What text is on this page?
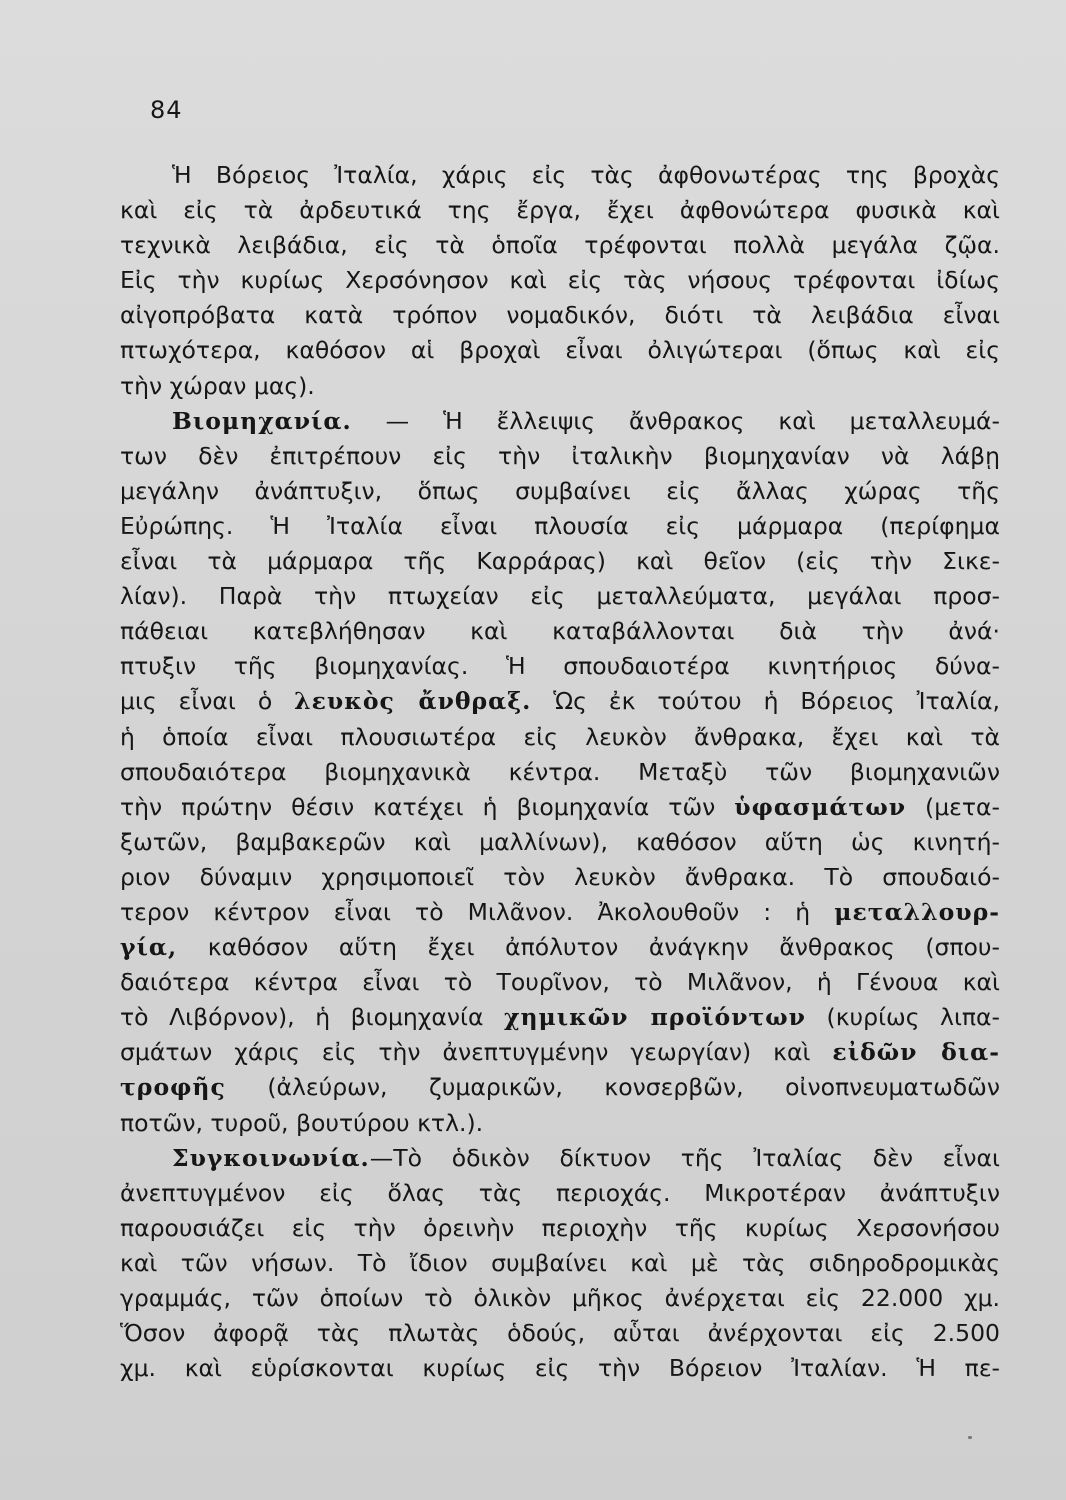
84
Ἡ Βόρειος Ἰταλία, χάρις εἰς τὰς ἀφθονωτέρας της βροχὰς
καὶ εἰς τὰ ἀρδευτικά της ἔργα, ἔχει ἀφθονώτερα φυσικὰ καὶ
τεχνικὰ λειβάδια, εἰς τὰ ὁποῖα τρέφονται πολλὰ μεγάλα ζῷα.
Εἰς τὴν κυρίως Χερσόνησον καὶ εἰς τὰς νήσους τρέφονται ἰδίως
αἰγοπρόβατα κατὰ τρόπον νομαδικόν, διότι τὰ λειβάδια εἶναι
πτωχότερα, καθόσον αἱ βροχαὶ εἶναι ὀλιγώτεραι (ὅπως καὶ εἰς
τὴν χώραν μας).
Βιομηχανία. — Ἡ ἔλλειψις ἄνθρακος καὶ μεταλλευμά-
των δὲν ἐπιτρέπουν εἰς τὴν ἰταλικὴν βιομηχανίαν νὰ λάβῃ
μεγάλην ἀνάπτυξιν, ὅπως συμβαίνει εἰς ἄλλας χώρας τῆς
Εὐρώπης. Ἡ Ἰταλία εἶναι πλουσία εἰς μάρμαρα (περίφημα
εἶναι τὰ μάρμαρα τῆς Καρράρας) καὶ θεῖον (εἰς τὴν Σικε-
λίαν). Παρὰ τὴν πτωχείαν εἰς μεταλλεύματα, μεγάλαι προσ-
πάθειαι κατεβλήθησαν καὶ καταβάλλονται διὰ τὴν ἀνά·
πτυξιν τῆς βιομηχανίας. Ἡ σπουδαιοτέρα κινητήριος δύνα-
μις εἶναι ὁ λευκὸς ἄνθραξ. Ὡς ἐκ τούτου ἡ Βόρειος Ἰταλία,
ἡ ὁποία εἶναι πλουσιωτέρα εἰς λευκὸν ἄνθρακα, ἔχει καὶ τὰ
σπουδαιότερα βιομηχανικὰ κέντρα. Μεταξὺ τῶν βιομηχανιῶν
τὴν πρώτην θέσιν κατέχει ἡ βιομηχανία τῶν ὑφασμάτων (μετα-
ξωτῶν, βαμβακερῶν καὶ μαλλίνων), καθόσον αὕτη ὡς κινητή-
ριον δύναμιν χρησιμοποιεῖ τὸν λευκὸν ἄνθρακα. Τὸ σπουδαιό-
τερον κέντρον εἶναι τὸ Μιλᾶνον. Ἀκολουθοῦν : ἡ μεταλλουρ-
γία, καθόσον αὕτη ἔχει ἀπόλυτον ἀνάγκην ἄνθρακος (σπου-
δαιότερα κέντρα εἶναι τὸ Τουρῖνον, τὸ Μιλᾶνον, ἡ Γένουα καὶ
τὸ Λιβόρνον), ἡ βιομηχανία χημικῶν προϊόντων (κυρίως λιπα-
σμάτων χάρις εἰς τὴν ἀνεπτυγμένην γεωργίαν) καὶ εἰδῶν δια-
τροφῆς (ἀλεύρων, ζυμαρικῶν, κονσερβῶν, οἰνοπνευματωδῶν
ποτῶν, τυροῦ, βουτύρου κτλ.).
Συγκοινωνία.—Τὸ ὁδικὸν δίκτυον τῆς Ἰταλίας δὲν εἶναι
ἀνεπτυγμένον εἰς ὅλας τὰς περιοχάς. Μικροτέραν ἀνάπτυξιν
παρουσιάζει εἰς τὴν ὀρεινὴν περιοχὴν τῆς κυρίως Χερσονήσου
καὶ τῶν νήσων. Τὸ ἴδιον συμβαίνει καὶ μὲ τὰς σιδηροδρομικὰς
γραμμάς, τῶν ὁποίων τὸ ὁλικὸν μῆκος ἀνέρχεται εἰς 22.000 χμ.
Ὅσον ἀφορᾷ τὰς πλωτὰς ὁδούς, αὗται ἀνέρχονται εἰς 2.500
χμ. καὶ εὑρίσκονται κυρίως εἰς τὴν Βόρειον Ἰταλίαν. Ἡ πε-
